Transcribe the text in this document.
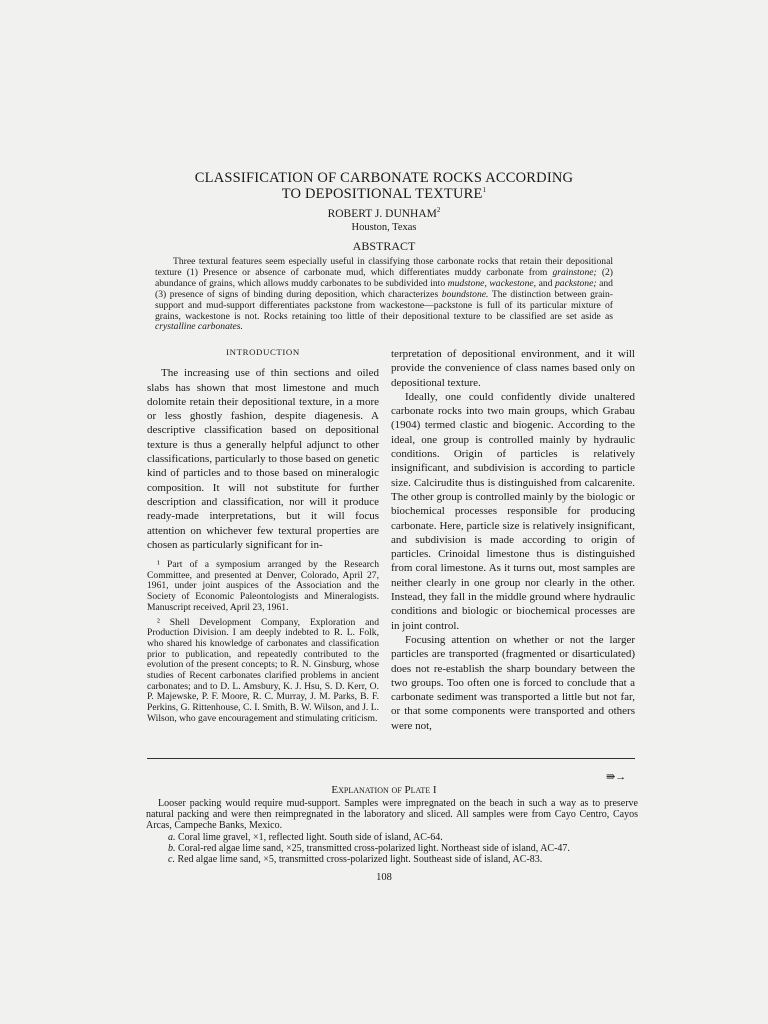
CLASSIFICATION OF CARBONATE ROCKS ACCORDING
TO DEPOSITIONAL TEXTURE$^1$
ROBERT J. DUNHAM$^2$
Houston, Texas
ABSTRACT

Three textural features seem especially useful in classifying those carbonate rocks that retain their depositional texture (1) Presence or absence of carbonate mud, which differentiates muddy carbonate from grainstone; (2) abundance of grains, which allows muddy carbonates to be subdivided into mudstone, wackestone, and packstone; and (3) presence of signs of binding during deposition, which characterizes boundstone. The distinction between grain-support and mud-support differentiates packstone from wackestone—packstone is full of its particular mixture of grains, wackestone is not. Rocks retaining too little of their depositional texture to be classified are set aside as crystalline carbonates.

INTRODUCTION

The increasing use of thin sections and oiled slabs has shown that most limestone and much dolomite retain their depositional texture, in a more or less ghostly fashion, despite diagenesis. A descriptive classification based on depositional texture is thus a generally helpful adjunct to other classifications, particularly to those based on genetic kind of particles and to those based on mineralogic composition. It will not substitute for further description and classification, nor will it produce ready-made interpretations, but it will focus attention on whichever few textural properties are chosen as particularly significant for in-

¹ Part of a symposium arranged by the Research Committee, and presented at Denver, Colorado, April 27, 1961, under joint auspices of the Association and the Society of Economic Paleontologists and Mineralogists. Manuscript received, April 23, 1961.

² Shell Development Company, Exploration and Production Division. I am deeply indebted to R. L. Folk, who shared his knowledge of carbonates and classification prior to publication, and repeatedly contributed to the evolution of the present concepts; to R. N. Ginsburg, whose studies of Recent carbonates clarified problems in ancient carbonates; and to D. L. Amsbury, K. J. Hsu, S. D. Kerr, O. P. Majewske, P. F. Moore, R. C. Murray, J. M. Parks, B. F. Perkins, G. Rittenhouse, C. I. Smith, B. W. Wilson, and J. L. Wilson, who gave encouragement and stimulating criticism.

terpretation of depositional environment, and it will provide the convenience of class names based only on depositional texture.

Ideally, one could confidently divide unaltered carbonate rocks into two main groups, which Grabau (1904) termed clastic and biogenic. According to the ideal, one group is controlled mainly by hydraulic conditions. Origin of particles is relatively insignificant, and subdivision is according to particle size. Calcirudite thus is distinguished from calcarenite. The other group is controlled mainly by the biologic or biochemical processes responsible for producing carbonate. Here, particle size is relatively insignificant, and subdivision is made according to origin of particles. Crinoidal limestone thus is distinguished from coral limestone. As it turns out, most samples are neither clearly in one group nor clearly in the other. Instead, they fall in the middle ground where hydraulic conditions and biologic or biochemical processes are in joint control.

Focusing attention on whether or not the larger particles are transported (fragmented or disarticulated) does not re-establish the sharp boundary between the two groups. Too often one is forced to conclude that a carbonate sediment was transported a little but not far, or that some components were transported and others were not,

⇛→
Explanation of Plate I

Looser packing would require mud-support. Samples were impregnated on the beach in such a way as to preserve natural packing and were then reimpregnated in the laboratory and sliced. All samples were from Cayo Centro, Cayos Arcas, Campeche Banks, Mexico.

a. Coral lime gravel, ×1, reflected light. South side of island, AC-64.

b. Coral-red algae lime sand, ×25, transmitted cross-polarized light. Northeast side of island, AC-47.

c. Red algae lime sand, ×5, transmitted cross-polarized light. Southeast side of island, AC-83.

108
